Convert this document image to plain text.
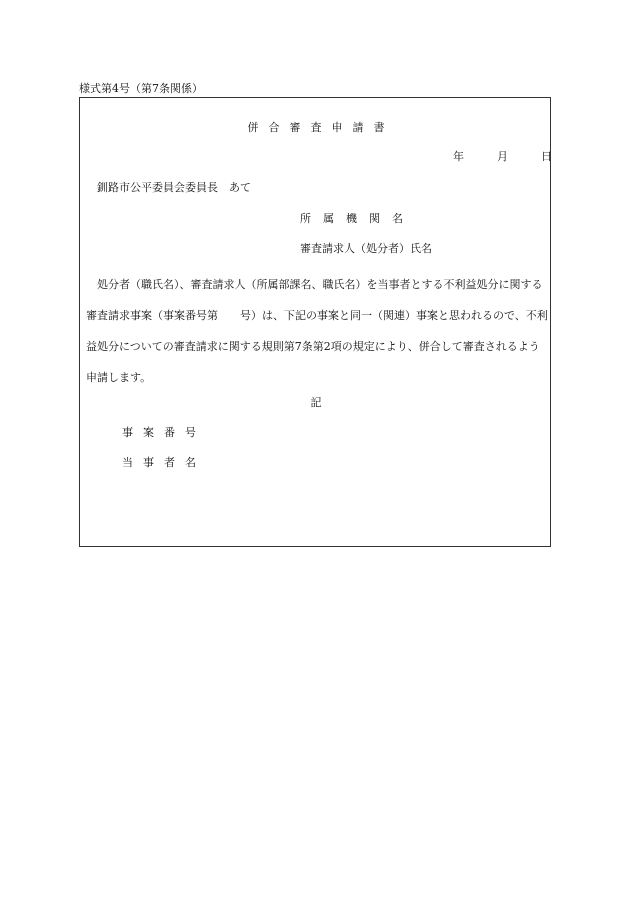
様式第4号（第7条関係）
併合審査申請書
年	月	日
釧路市公平委員会委員長　あて
所属機関名
審査請求人（処分者）氏名
処分者（職氏名）、審査請求人（所属部課名、職氏名）を当事者とする不利益処分に関する審査請求事案（事案番号第　　号）は、下記の事案と同一（関連）事案と思われるので、不利益処分についての審査請求に関する規則第7条第2項の規定により、併合して審査されるよう申請します。
記
事案番号
当事者名
